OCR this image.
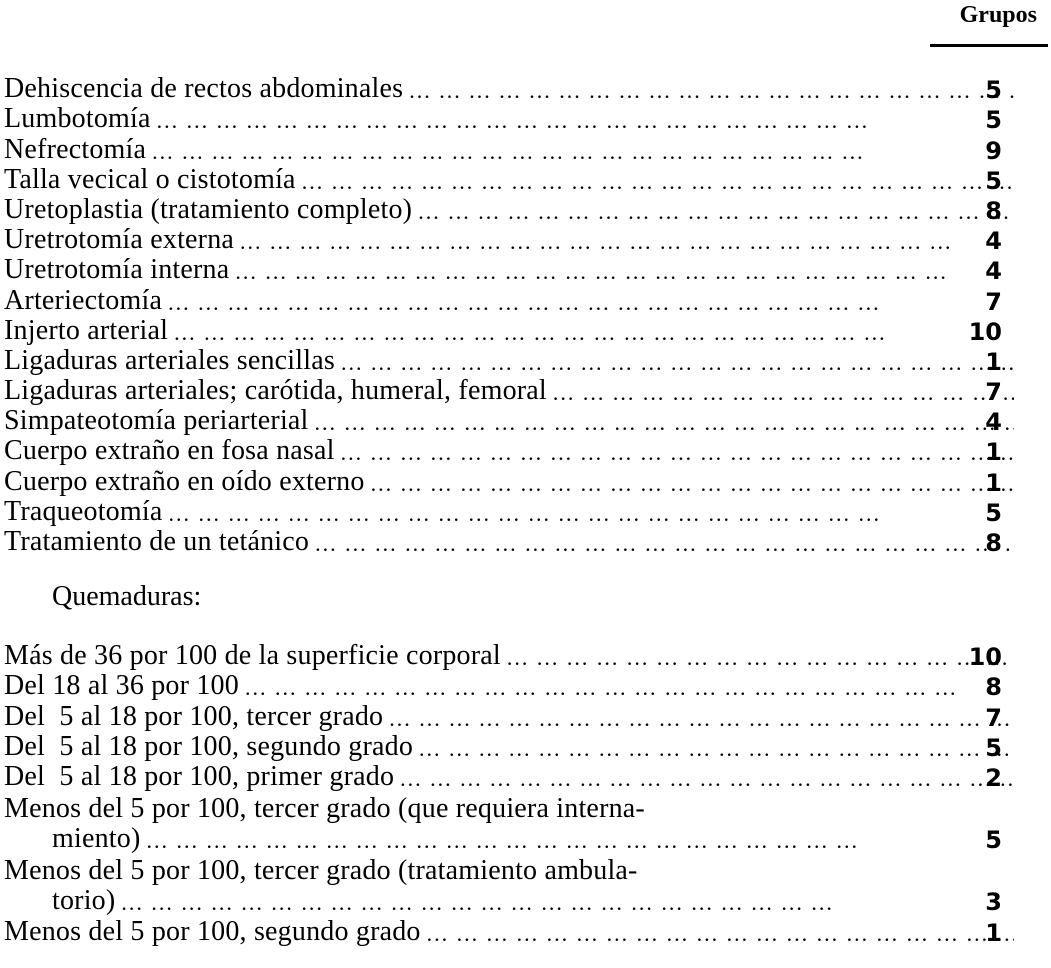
Grupos
Dehiscencia de rectos abdominales ... .	5
Lumbotomía ... .	5
Nefrectomía ... .	9
Talla vecical o cistotomía ... .	5
Uretoplastia (tratamiento completo) ... .	8
Uretrotomía externa ... .	4
Uretrotomía interna ... .	4
Arteriectomía ... .	7
Injerto arterial ... .	10
Ligaduras arteriales sencillas ... .	1
Ligaduras arteriales; carótida, humeral, femoral ... .	7
Simpateotomía periarterial ... .	4
Cuerpo extraño en fosa nasal ... .	1
Cuerpo extraño en oído externo ... .	1
Traqueotomía ... .	5
Tratamiento de un tetánico ... .	8
Quemaduras:
Más de 36 por 100 de la superficie corporal ... .	10
Del 18 al 36 por 100 ... .	8
Del  5 al 18 por 100, tercer grado ... .	7
Del  5 al 18 por 100, segundo grado ... .	5
Del  5 al 18 por 100, primer grado ... .	2
Menos del 5 por 100, tercer grado (que requiera interna-
miento) ... .	5
Menos del 5 por 100, tercer grado (tratamiento ambula-
torio) ... .	3
Menos del 5 por 100, segundo grado ... .	1
